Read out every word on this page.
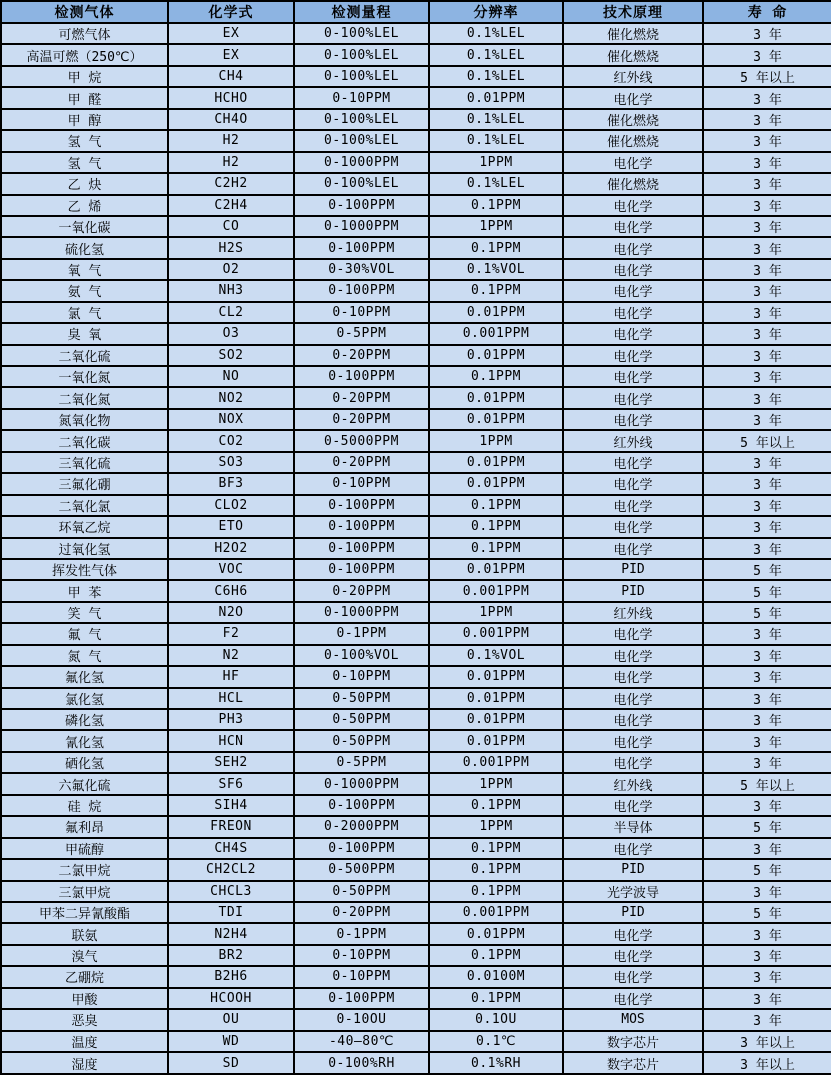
检测气体	化学式	检测量程	分辨率	技术原理	寿 命
可燃气体	EX	0-100%LEL	0.1%LEL	催化燃烧	3 年
高温可燃（250℃）	EX	0-100%LEL	0.1%LEL	催化燃烧	3 年
甲 烷	CH4	0-100%LEL	0.1%LEL	红外线	5 年以上
甲 醛	HCHO	0-10PPM	0.01PPM	电化学	3 年
甲 醇	CH4O	0-100%LEL	0.1%LEL	催化燃烧	3 年
氢 气	H2	0-100%LEL	0.1%LEL	催化燃烧	3 年
氢 气	H2	0-1000PPM	1PPM	电化学	3 年
乙 炔	C2H2	0-100%LEL	0.1%LEL	催化燃烧	3 年
乙 烯	C2H4	0-100PPM	0.1PPM	电化学	3 年
一氧化碳	CO	0-1000PPM	1PPM	电化学	3 年
硫化氢	H2S	0-100PPM	0.1PPM	电化学	3 年
氧 气	O2	0-30%VOL	0.1%VOL	电化学	3 年
氨 气	NH3	0-100PPM	0.1PPM	电化学	3 年
氯 气	CL2	0-10PPM	0.01PPM	电化学	3 年
臭 氧	O3	0-5PPM	0.001PPM	电化学	3 年
二氧化硫	SO2	0-20PPM	0.01PPM	电化学	3 年
一氧化氮	NO	0-100PPM	0.1PPM	电化学	3 年
二氧化氮	NO2	0-20PPM	0.01PPM	电化学	3 年
氮氧化物	NOX	0-20PPM	0.01PPM	电化学	3 年
二氧化碳	CO2	0-5000PPM	1PPM	红外线	5 年以上
三氧化硫	SO3	0-20PPM	0.01PPM	电化学	3 年
三氟化硼	BF3	0-10PPM	0.01PPM	电化学	3 年
二氧化氯	CLO2	0-100PPM	0.1PPM	电化学	3 年
环氧乙烷	ETO	0-100PPM	0.1PPM	电化学	3 年
过氧化氢	H2O2	0-100PPM	0.1PPM	电化学	3 年
挥发性气体	VOC	0-100PPM	0.01PPM	PID	5 年
甲 苯	C6H6	0-20PPM	0.001PPM	PID	5 年
笑 气	N2O	0-1000PPM	1PPM	红外线	5 年
氟 气	F2	0-1PPM	0.001PPM	电化学	3 年
氮 气	N2	0-100%VOL	0.1%VOL	电化学	3 年
氟化氢	HF	0-10PPM	0.01PPM	电化学	3 年
氯化氢	HCL	0-50PPM	0.01PPM	电化学	3 年
磷化氢	PH3	0-50PPM	0.01PPM	电化学	3 年
氰化氢	HCN	0-50PPM	0.01PPM	电化学	3 年
硒化氢	SEH2	0-5PPM	0.001PPM	电化学	3 年
六氟化硫	SF6	0-1000PPM	1PPM	红外线	5 年以上
硅 烷	SIH4	0-100PPM	0.1PPM	电化学	3 年
氟利昂	FREON	0-2000PPM	1PPM	半导体	5 年
甲硫醇	CH4S	0-100PPM	0.1PPM	电化学	3 年
二氯甲烷	CH2CL2	0-500PPM	0.1PPM	PID	5 年
三氯甲烷	CHCL3	0-50PPM	0.1PPM	光学波导	3 年
甲苯二异氰酸酯	TDI	0-20PPM	0.001PPM	PID	5 年
联氨	N2H4	0-1PPM	0.01PPM	电化学	3 年
溴气	BR2	0-10PPM	0.1PPM	电化学	3 年
乙硼烷	B2H6	0-10PPM	0.0100M	电化学	3 年
甲酸	HCOOH	0-100PPM	0.1PPM	电化学	3 年
恶臭	OU	0-10OU	0.1OU	MOS	3 年
温度	WD	-40—80℃	0.1℃	数字芯片	3 年以上
湿度	SD	0-100%RH	0.1%RH	数字芯片	3 年以上
